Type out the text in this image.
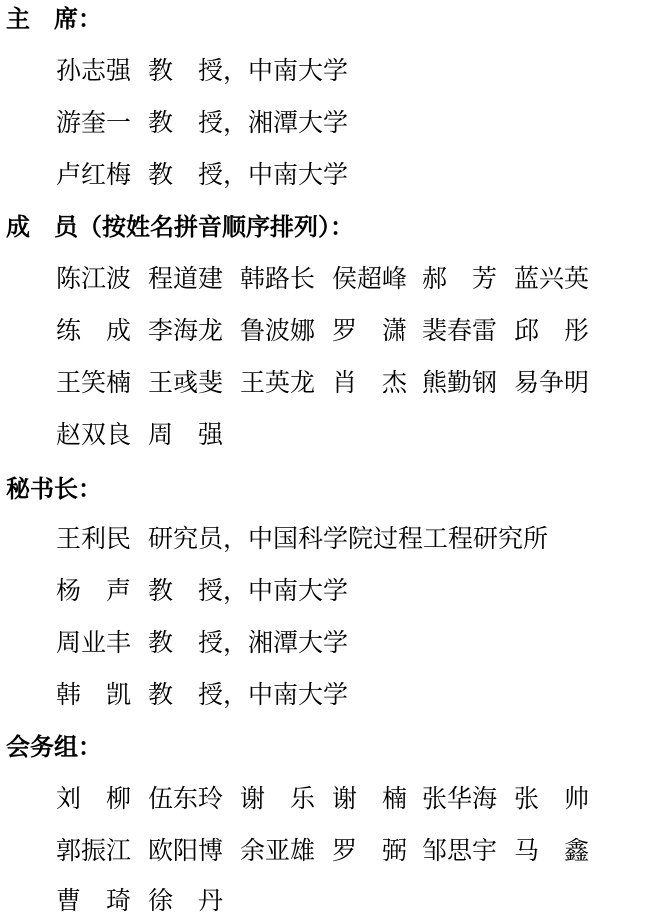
主　席：
孙志强 教　授，中南大学
游奎一 教　授，湘潭大学
卢红梅 教　授，中南大学
成　员（按姓名拼音顺序排列）：
陈江波 程道建 韩路长 侯超峰 郝　芳 蓝兴英
练　成 李海龙 鲁波娜 罗　潇 裴春雷 邱　彤
王笑楠 王彧斐 王英龙 肖　杰 熊勤钢 易争明
赵双良 周　强
秘书长：
王利民 研究员，中国科学院过程工程研究所
杨　声 教　授，中南大学
周业丰 教　授，湘潭大学
韩　凯 教　授，中南大学
会务组：
刘　柳 伍东玲 谢　乐 谢　楠 张华海 张　帅
郭振江 欧阳博 余亚雄 罗　弼 邹思宇 马　鑫
曹　琦 徐　丹
